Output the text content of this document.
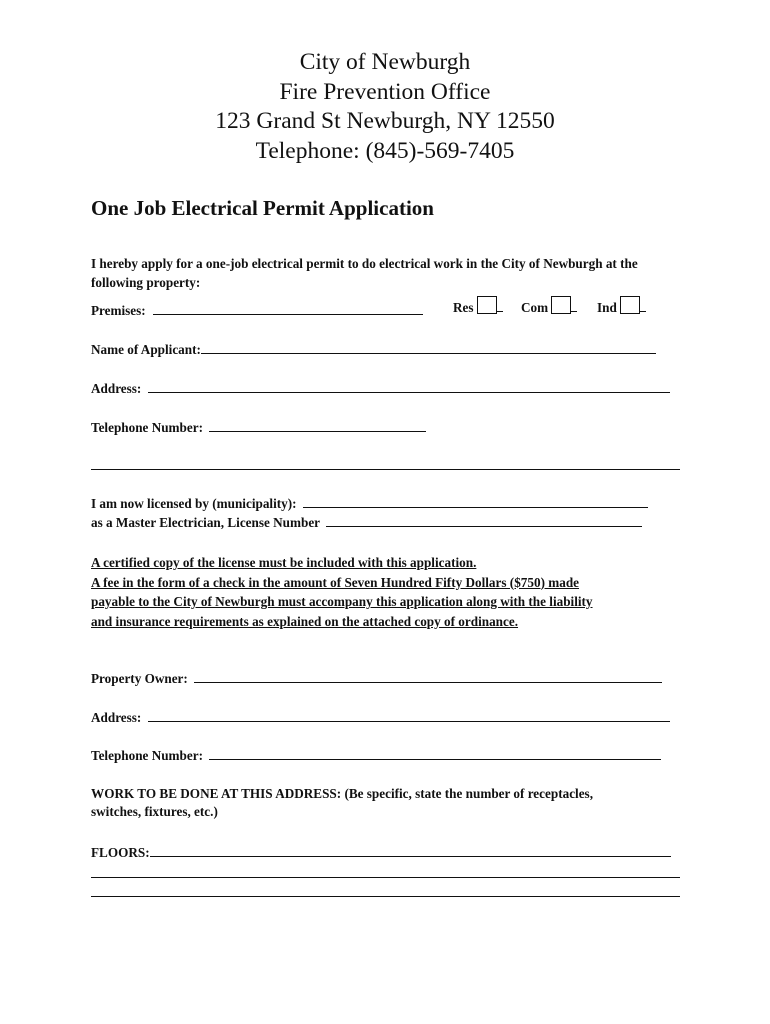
City of Newburgh
Fire Prevention Office
123 Grand St Newburgh, NY 12550
Telephone: (845)-569-7405
One Job Electrical Permit Application
I hereby apply for a one-job electrical permit to do electrical work in the City of Newburgh at the following property:
Premises:	Res	Com	Ind
Name of Applicant:
Address:
Telephone Number:
I am now licensed by (municipality):
as a Master Electrician, License Number
A certified copy of the license must be included with this application.
A fee in the form of a check in the amount of Seven Hundred Fifty Dollars ($750) made
payable to the City of Newburgh must accompany this application along with the liability
and insurance requirements as explained on the attached copy of ordinance.
Property Owner:
Address:
Telephone Number:
WORK TO BE DONE AT THIS ADDRESS: (Be specific, state the number of receptacles,
switches, fixtures, etc.)
FLOORS:
